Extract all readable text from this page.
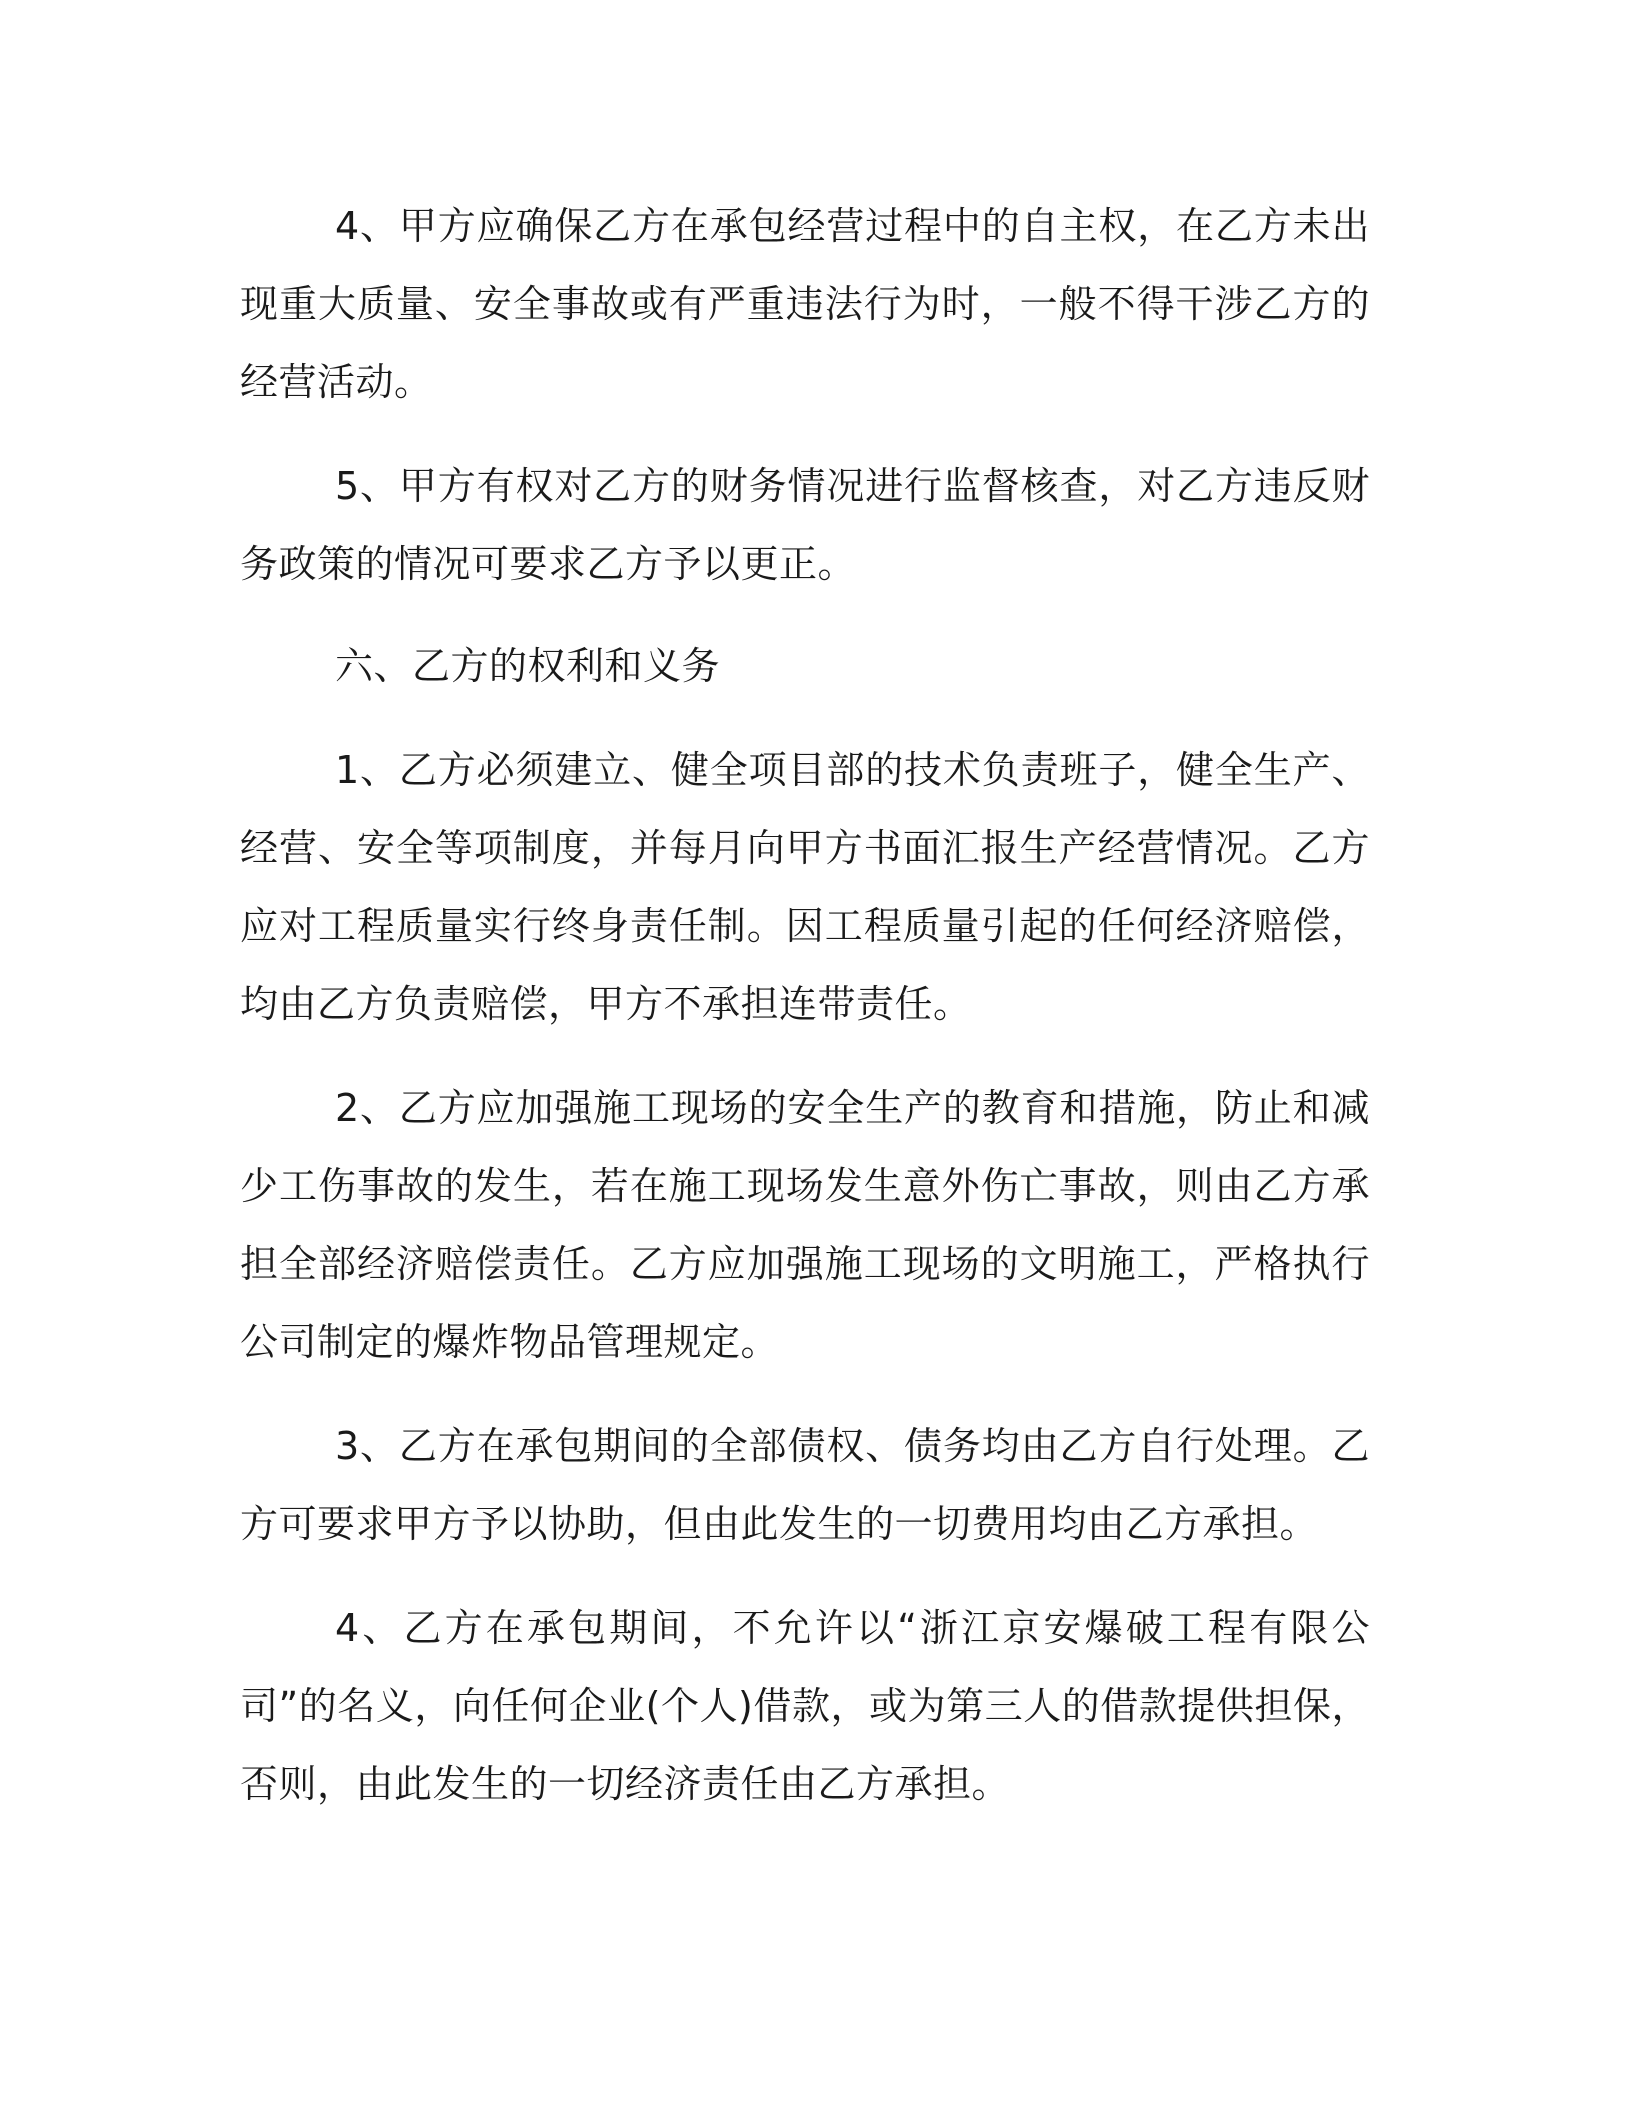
4、甲方应确保乙方在承包经营过程中的自主权，在乙方未出现重大质量、安全事故或有严重违法行为时，一般不得干涉乙方的经营活动。

5、甲方有权对乙方的财务情况进行监督核查，对乙方违反财务政策的情况可要求乙方予以更正。

六、乙方的权利和义务

1、乙方必须建立、健全项目部的技术负责班子，健全生产、经营、安全等项制度，并每月向甲方书面汇报生产经营情况。乙方应对工程质量实行终身责任制。因工程质量引起的任何经济赔偿，均由乙方负责赔偿，甲方不承担连带责任。

2、乙方应加强施工现场的安全生产的教育和措施，防止和减少工伤事故的发生，若在施工现场发生意外伤亡事故，则由乙方承担全部经济赔偿责任。乙方应加强施工现场的文明施工，严格执行公司制定的爆炸物品管理规定。

3、乙方在承包期间的全部债权、债务均由乙方自行处理。乙方可要求甲方予以协助，但由此发生的一切费用均由乙方承担。

4、乙方在承包期间，不允许以“浙江京安爆破工程有限公司”的名义，向任何企业(个人)借款，或为第三人的借款提供担保，否则，由此发生的一切经济责任由乙方承担。
